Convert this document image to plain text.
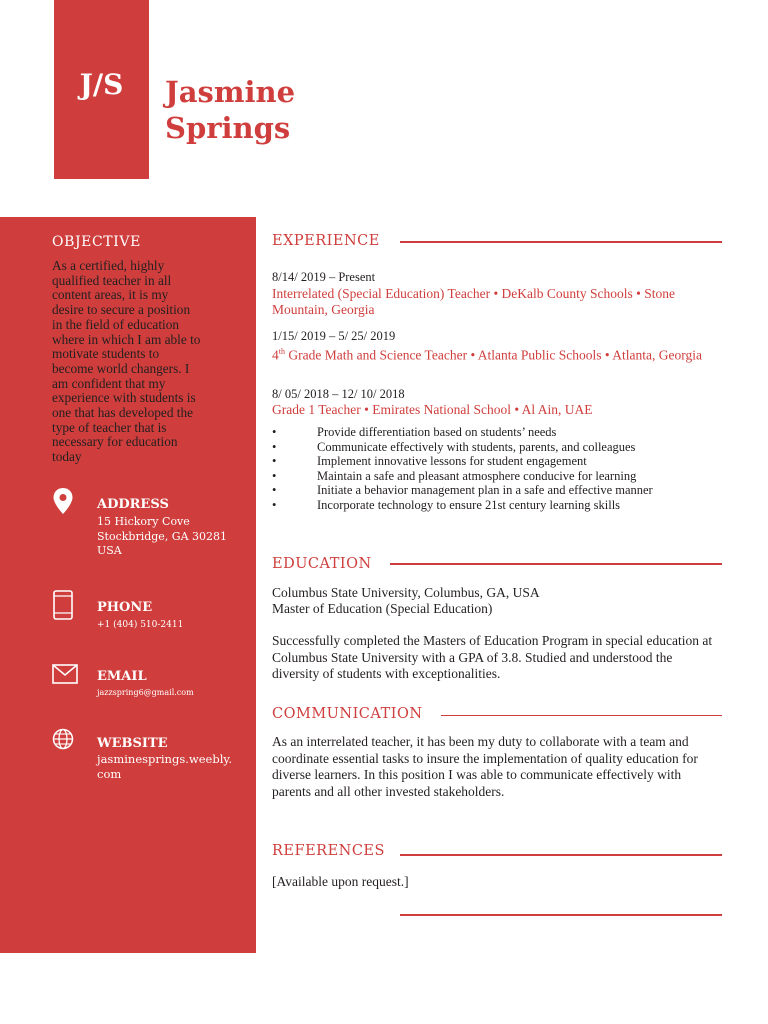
J/S Jasmine
Springs
OBJECTIVE
As a certified, highly qualified teacher in all content areas, it is my desire to secure a position in the field of education where in which I am able to motivate students to become world changers. I am confident that my experience with students is one that has developed the type of teacher that is necessary for education today
ADDRESS
15 Hickory Cove
Stockbridge, GA 30281
USA
PHONE
+1 (404) 510-2411
EMAIL
jazzspring6@gmail.com
WEBSITE
jasminesprings.weebly.com
EXPERIENCE
8/14/ 2019 – Present
Interrelated (Special Education) Teacher • DeKalb County Schools • Stone Mountain, Georgia
1/15/ 2019 – 5/ 25/ 2019
4th Grade Math and Science Teacher • Atlanta Public Schools • Atlanta, Georgia
8/ 05/ 2018 – 12/ 10/ 2018
Grade 1 Teacher • Emirates National School • Al Ain, UAE
• Provide differentiation based on students’ needs
• Communicate effectively with students, parents, and colleagues
• Implement innovative lessons for student engagement
• Maintain a safe and pleasant atmosphere conducive for learning
• Initiate a behavior management plan in a safe and effective manner
• Incorporate technology to ensure 21st century learning skills
EDUCATION
Columbus State University, Columbus, GA, USA
Master of Education (Special Education)
Successfully completed the Masters of Education Program in special education at Columbus State University with a GPA of 3.8. Studied and understood the diversity of students with exceptionalities.
COMMUNICATION
As an interrelated teacher, it has been my duty to collaborate with a team and coordinate essential tasks to insure the implementation of quality education for diverse learners. In this position I was able to communicate effectively with parents and all other invested stakeholders.
REFERENCES
[Available upon request.]
